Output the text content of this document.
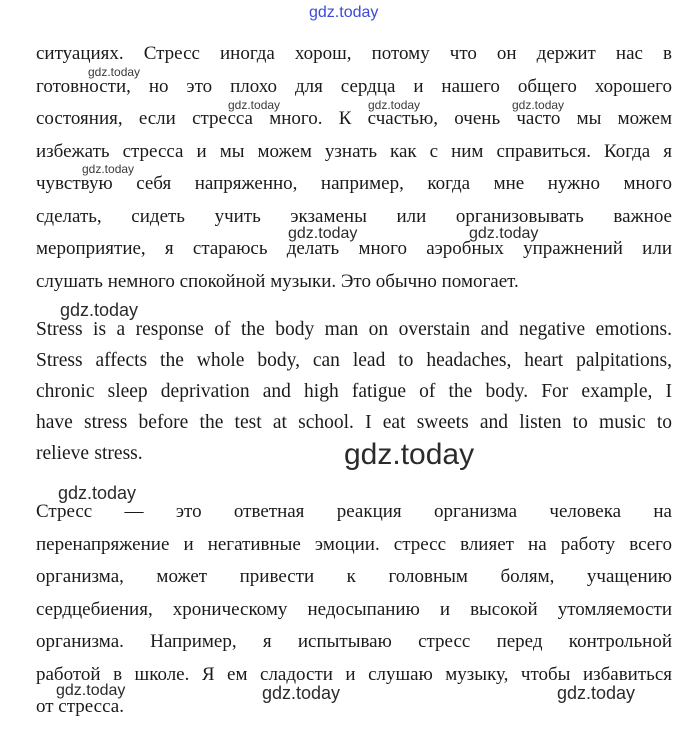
gdz.today
ситуациях. Стресс иногда хорош, потому что он держит нас в
готовности, но это плохо для сердца и нашего общего хорошего
состояния, если стресса много. К счастью, очень часто мы можем
избежать стресса и мы можем узнать как с ним справиться. Когда я
чувствую себя напряженно, например, когда мне нужно много
сделать, сидеть учить экзамены или организовывать важное
мероприятие, я стараюсь делать много аэробных упражнений или
слушать немного спокойной музыки. Это обычно помогает.
Stress is a response of the body man on overstain and negative emotions.
Stress affects the whole body, can lead to headaches, heart palpitations,
chronic sleep deprivation and high fatigue of the body. For example, I
have stress before the test at school. I eat sweets and listen to music to
relieve stress.
Стресс — это ответная реакция организма человека на
перенапряжение и негативные эмоции. стресс влияет на работу всего
организма, может привести к головным болям, учащению
сердцебиения, хроническому недосыпанию и высокой утомляемости
организма. Например, я испытываю стресс перед контрольной
работой в школе. Я ем сладости и слушаю музыку, чтобы избавиться
от стресса.
gdz.today
gdz.today	gdz.today	gdz.today
gdz.today
gdz.today	gdz.today
gdz.today
gdz.today
gdz.today
gdz.today	gdz.today	gdz.today
